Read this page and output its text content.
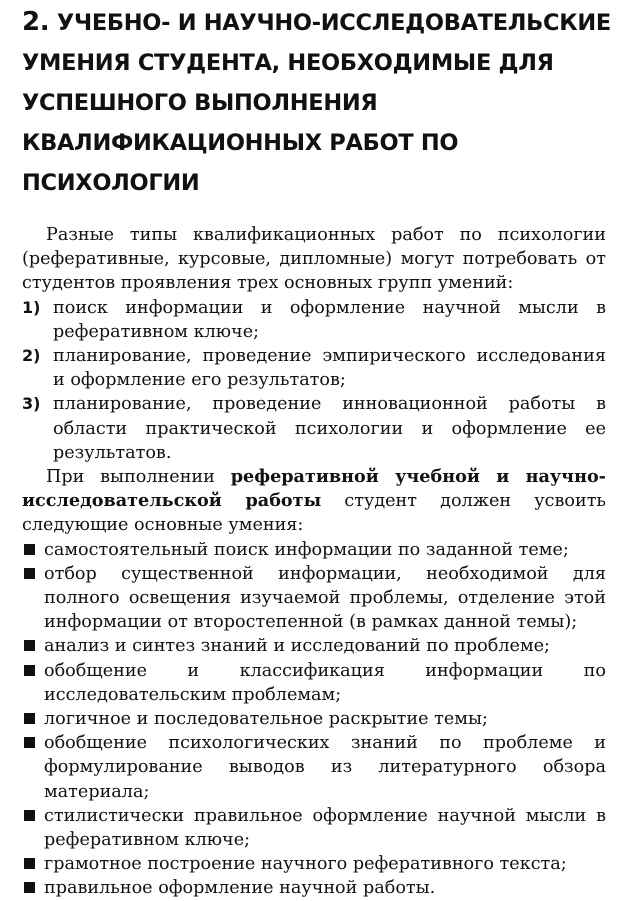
2. УЧЕБНО- И НАУЧНО-ИССЛЕДОВАТЕЛЬСКИЕ
УМЕНИЯ СТУДЕНТА, НЕОБХОДИМЫЕ ДЛЯ
УСПЕШНОГО ВЫПОЛНЕНИЯ
КВАЛИФИКАЦИОННЫХ РАБОТ ПО
ПСИХОЛОГИИ

Разные типы квалификационных работ по психологии (реферативные, курсовые, дипломные) могут потребовать от студентов проявления трех основных групп умений:

1) поиск информации и оформление научной мысли в реферативном ключе;
2) планирование, проведение эмпирического исследования и оформление его результатов;
3) планирование, проведение инновационной работы в области практической психологии и оформление ее результатов.

При выполнении реферативной учебной и научно-исследовательской работы студент должен усвоить следующие основные умения:

самостоятельный поиск информации по заданной теме;
отбор существенной информации, необходимой для полного освещения изучаемой проблемы, отделение этой информации от второстепенной (в рамках данной темы);
анализ и синтез знаний и исследований по проблеме;
обобщение и классификация информации по исследовательским проблемам;
логичное и последовательное раскрытие темы;
обобщение психологических знаний по проблеме и формулирование выводов из литературного обзора материала;
стилистически правильное оформление научной мысли в реферативном ключе;
грамотное построение научного реферативного текста;
правильное оформление научной работы.
